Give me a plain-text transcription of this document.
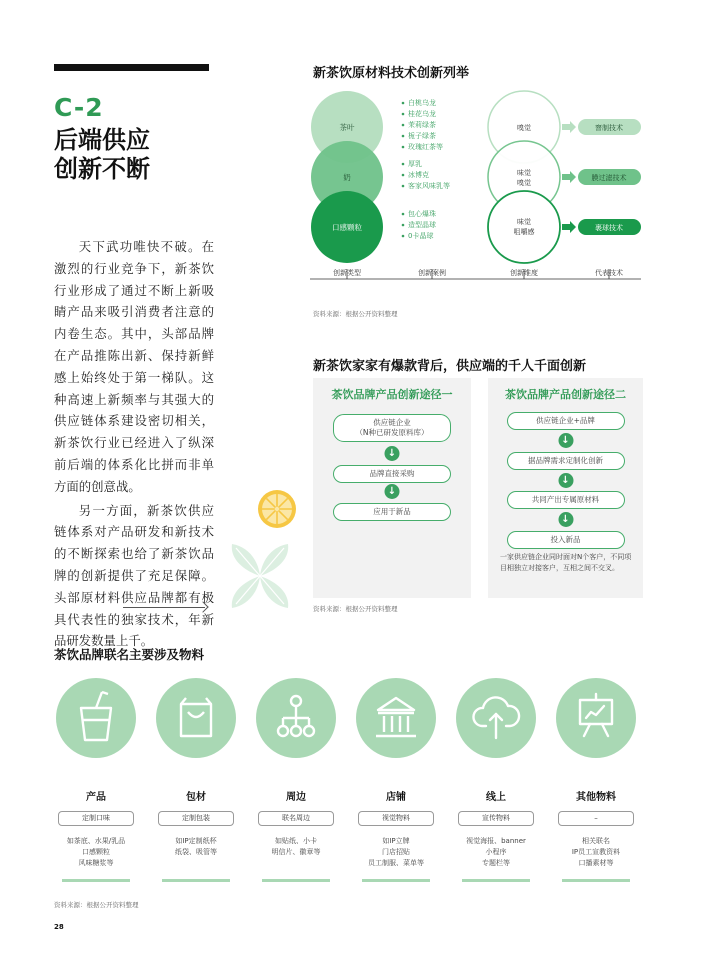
C-2
后端供应
创新不断

天下武功唯快不破。在激烈的行业竞争下，新茶饮行业形成了通过不断上新吸睛产品来吸引消费者注意的内卷生态。其中，头部品牌在产品推陈出新、保持新鲜感上始终处于第一梯队。这种高速上新频率与其强大的供应链体系建设密切相关，新茶饮行业已经进入了纵深前后端的体系化比拼而非单方面的创意战。

另一方面，新茶饮供应链体系对产品研发和新技术的不断探索也给了新茶饮品牌的创新提供了充足保障。头部原材料供应品牌都有极具代表性的独家技术，年新品研发数量上千。

新茶饮原材料技术创新列举
茶叶
奶
口感颗粒
白桃乌龙
桂花乌龙
茉莉绿茶
栀子绿茶
玫瑰红茶等
厚乳
冰博克
客家风味乳等
包心爆珠
造型晶球
0卡晶球
嗅觉
味觉
嗅觉
味觉
咀嚼感
窨制技术
膜过滤技术
裹球技术
创新类型	创新案例	创新维度	代表技术
资料来源：根据公开资料整理
新茶饮家家有爆款背后，供应端的千人千面创新
茶饮品牌产品创新途径一
供应链企业
（N种已研发原料库）
↓
品牌直接采购
↓
应用于新品
茶饮品牌产品创新途径二
供应链企业+品牌
↓
据品牌需求定制化创新
↓
共同产出专属原材料
↓
投入新品
一家供应链企业同时面对N个客户，不同项目相独立对接客户，互相之间不交叉。
资料来源：根据公开资料整理
茶饮品牌联名主要涉及物料
产品
定制口味
如茶底、水果/乳品
口感颗粒
风味糖浆等
包材
定制包装
如IP定制纸杯
纸袋、吸管等
周边
联名周边
如贴纸、小卡
明信片、徽章等
店铺
视觉物料
如IP立牌
门店招贴
员工制服、菜单等
线上
宣传物料
视觉海报、banner
小程序
专题栏等
其他物料
–
相关联名
IP员工宣教资料
口播素材等
资料来源：根据公开资料整理
28
